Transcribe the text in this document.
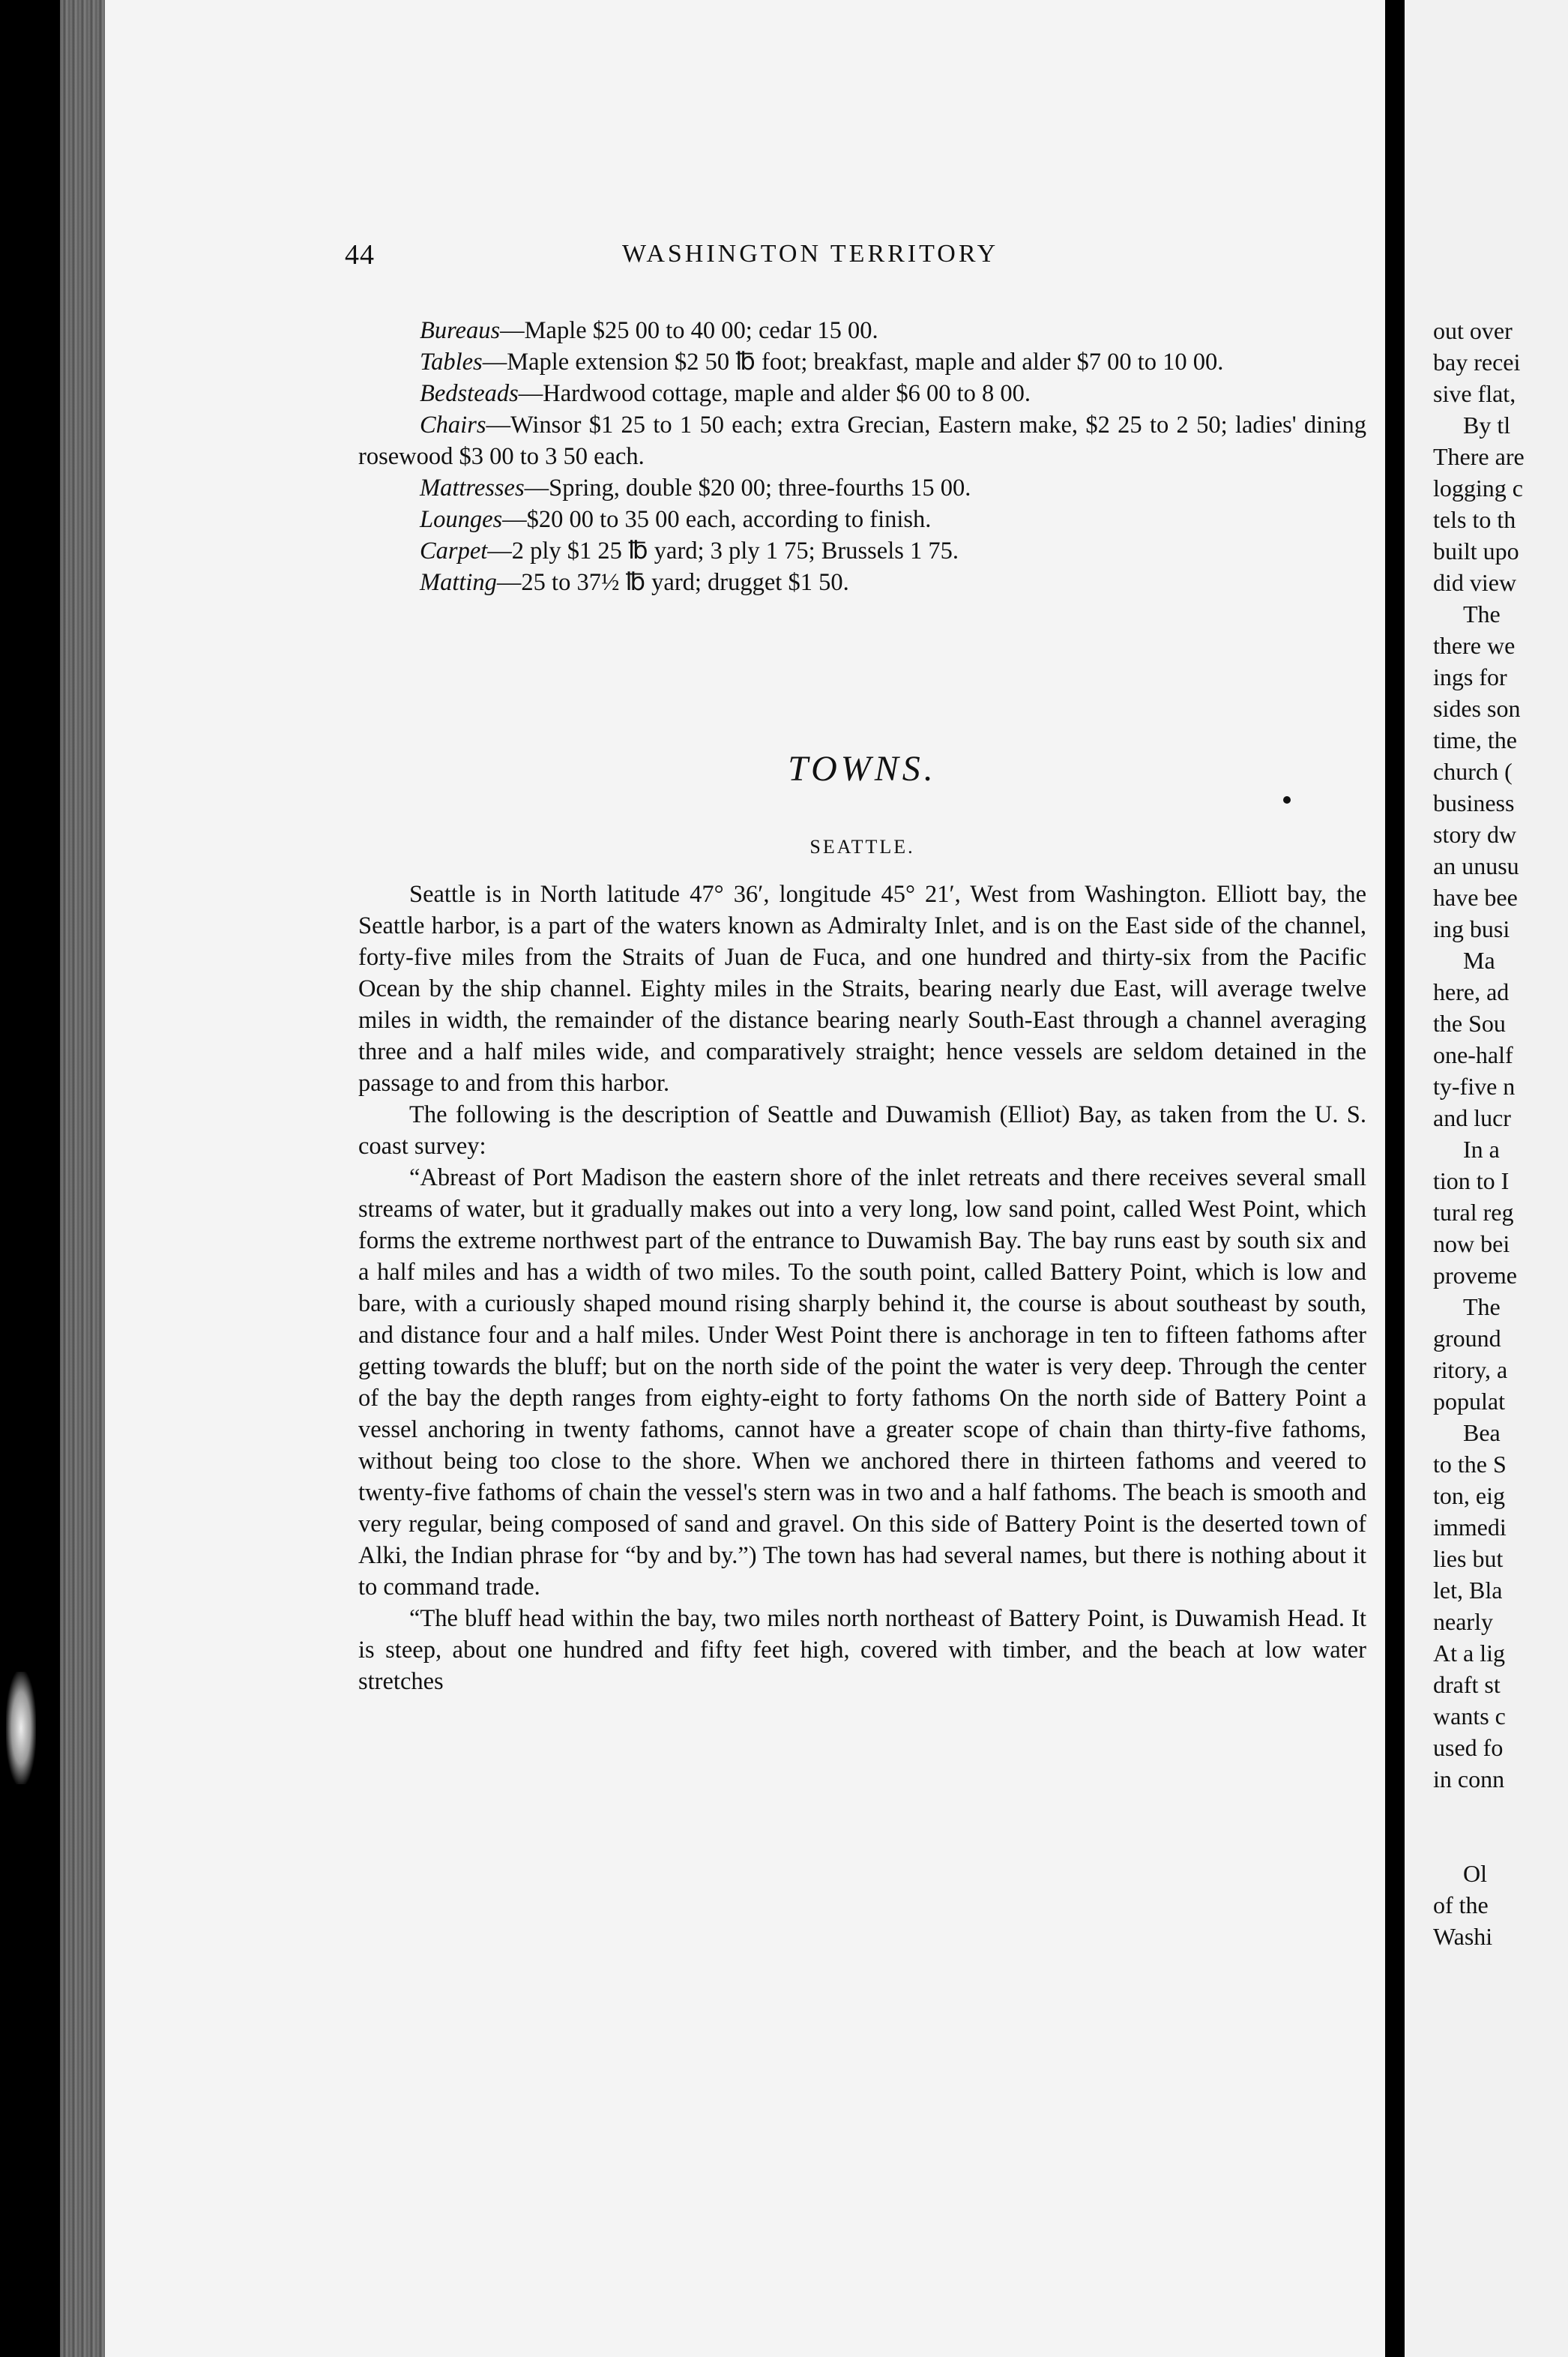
out over
bay recei
sive flat,
By tl
There are
logging c
tels to th
built upo
did view
The
there we
ings for
sides son
time, the
church (
business
story dw
an unusu
have bee
ing busi
Ma
here, ad
the Sou
one-half
ty-five n
and lucr
In a
tion to I
tural reg
now bei
proveme
The
ground
ritory, a
populat
Bea
to the S
ton, eig
immedi
lies but
let, Bla
nearly
At a lig
draft st
wants c
used fo
in conn
Ol
of the
Washi
44	WASHINGTON TERRITORY

Bureaus—Maple $25 00 to 40 00; cedar 15 00.

Tables—Maple extension $2 50 ℔ foot; breakfast, maple and alder $7 00 to 10 00.

Bedsteads—Hardwood cottage, maple and alder $6 00 to 8 00.

Chairs—Winsor $1 25 to 1 50 each; extra Grecian, Eastern make, $2 25 to 2 50; ladies' dining rosewood $3 00 to 3 50 each.

Mattresses—Spring, double $20 00; three-fourths 15 00.

Lounges—$20 00 to 35 00 each, according to finish.

Carpet—2 ply $1 25 ℔ yard; 3 ply 1 75; Brussels 1 75.

Matting—25 to 37½ ℔ yard; drugget $1 50.

TOWNS.
SEATTLE.

Seattle is in North latitude 47° 36′, longitude 45° 21′, West from Washington. Elliott bay, the Seattle harbor, is a part of the waters known as Admiralty Inlet, and is on the East side of the channel, forty-five miles from the Straits of Juan de Fuca, and one hundred and thirty-six from the Pacific Ocean by the ship channel. Eighty miles in the Straits, bearing nearly due East, will average twelve miles in width, the remainder of the distance bearing nearly South-East through a channel averaging three and a half miles wide, and comparatively straight; hence vessels are seldom detained in the passage to and from this harbor.

The following is the description of Seattle and Duwamish (Elliot) Bay, as taken from the U. S. coast survey:

“Abreast of Port Madison the eastern shore of the inlet retreats and there receives several small streams of water, but it gradually makes out into a very long, low sand point, called West Point, which forms the extreme northwest part of the entrance to Duwamish Bay. The bay runs east by south six and a half miles and has a width of two miles. To the south point, called Battery Point, which is low and bare, with a curiously shaped mound rising sharply behind it, the course is about southeast by south, and distance four and a half miles. Under West Point there is anchorage in ten to fifteen fathoms after getting towards the bluff; but on the north side of the point the water is very deep. Through the center of the bay the depth ranges from eighty-eight to forty fathoms On the north side of Battery Point a vessel anchoring in twenty fathoms, cannot have a greater scope of chain than thirty-five fathoms, without being too close to the shore. When we anchored there in thirteen fathoms and veered to twenty-five fathoms of chain the vessel's stern was in two and a half fathoms. The beach is smooth and very regular, being composed of sand and gravel. On this side of Battery Point is the deserted town of Alki, the Indian phrase for “by and by.”) The town has had several names, but there is nothing about it to command trade.

“The bluff head within the bay, two miles north northeast of Battery Point, is Duwamish Head. It is steep, about one hundred and fifty feet high, covered with timber, and the beach at low water stretches
